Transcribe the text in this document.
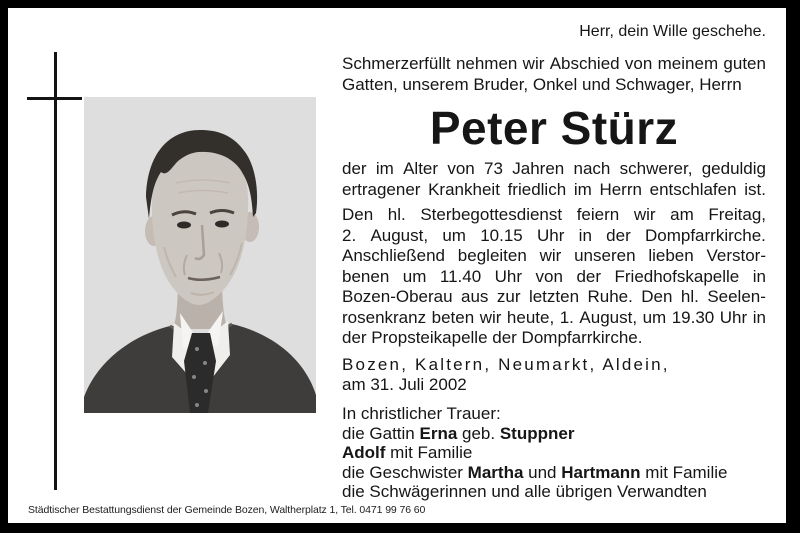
Herr, dein Wille geschehe.
Schmerzerfüllt nehmen wir Abschied von meinem guten
Gatten, unserem Bruder, Onkel und Schwager, Herrn
Peter Stürz
der im Alter von 73 Jahren nach schwerer, geduldig
ertragener Krankheit friedlich im Herrn entschlafen ist.
Den hl. Sterbegottesdienst feiern wir am Freitag,
2. August, um 10.15 Uhr in der Dompfarrkirche.
Anschließend begleiten wir unseren lieben Verstor-
benen um 11.40 Uhr von der Friedhofskapelle in
Bozen-Oberau aus zur letzten Ruhe. Den hl. Seelen-
rosenkranz beten wir heute, 1. August, um 19.30 Uhr in
der Propsteikapelle der Dompfarrkirche.
Bozen, Kaltern, Neumarkt, Aldein,
am 31. Juli 2002
In christlicher Trauer:
die Gattin Erna geb. Stuppner
Adolf mit Familie
die Geschwister Martha und Hartmann mit Familie
die Schwägerinnen und alle übrigen Verwandten
Städtischer Bestattungsdienst der Gemeinde Bozen, Waltherplatz 1, Tel. 0471 99 76 60
